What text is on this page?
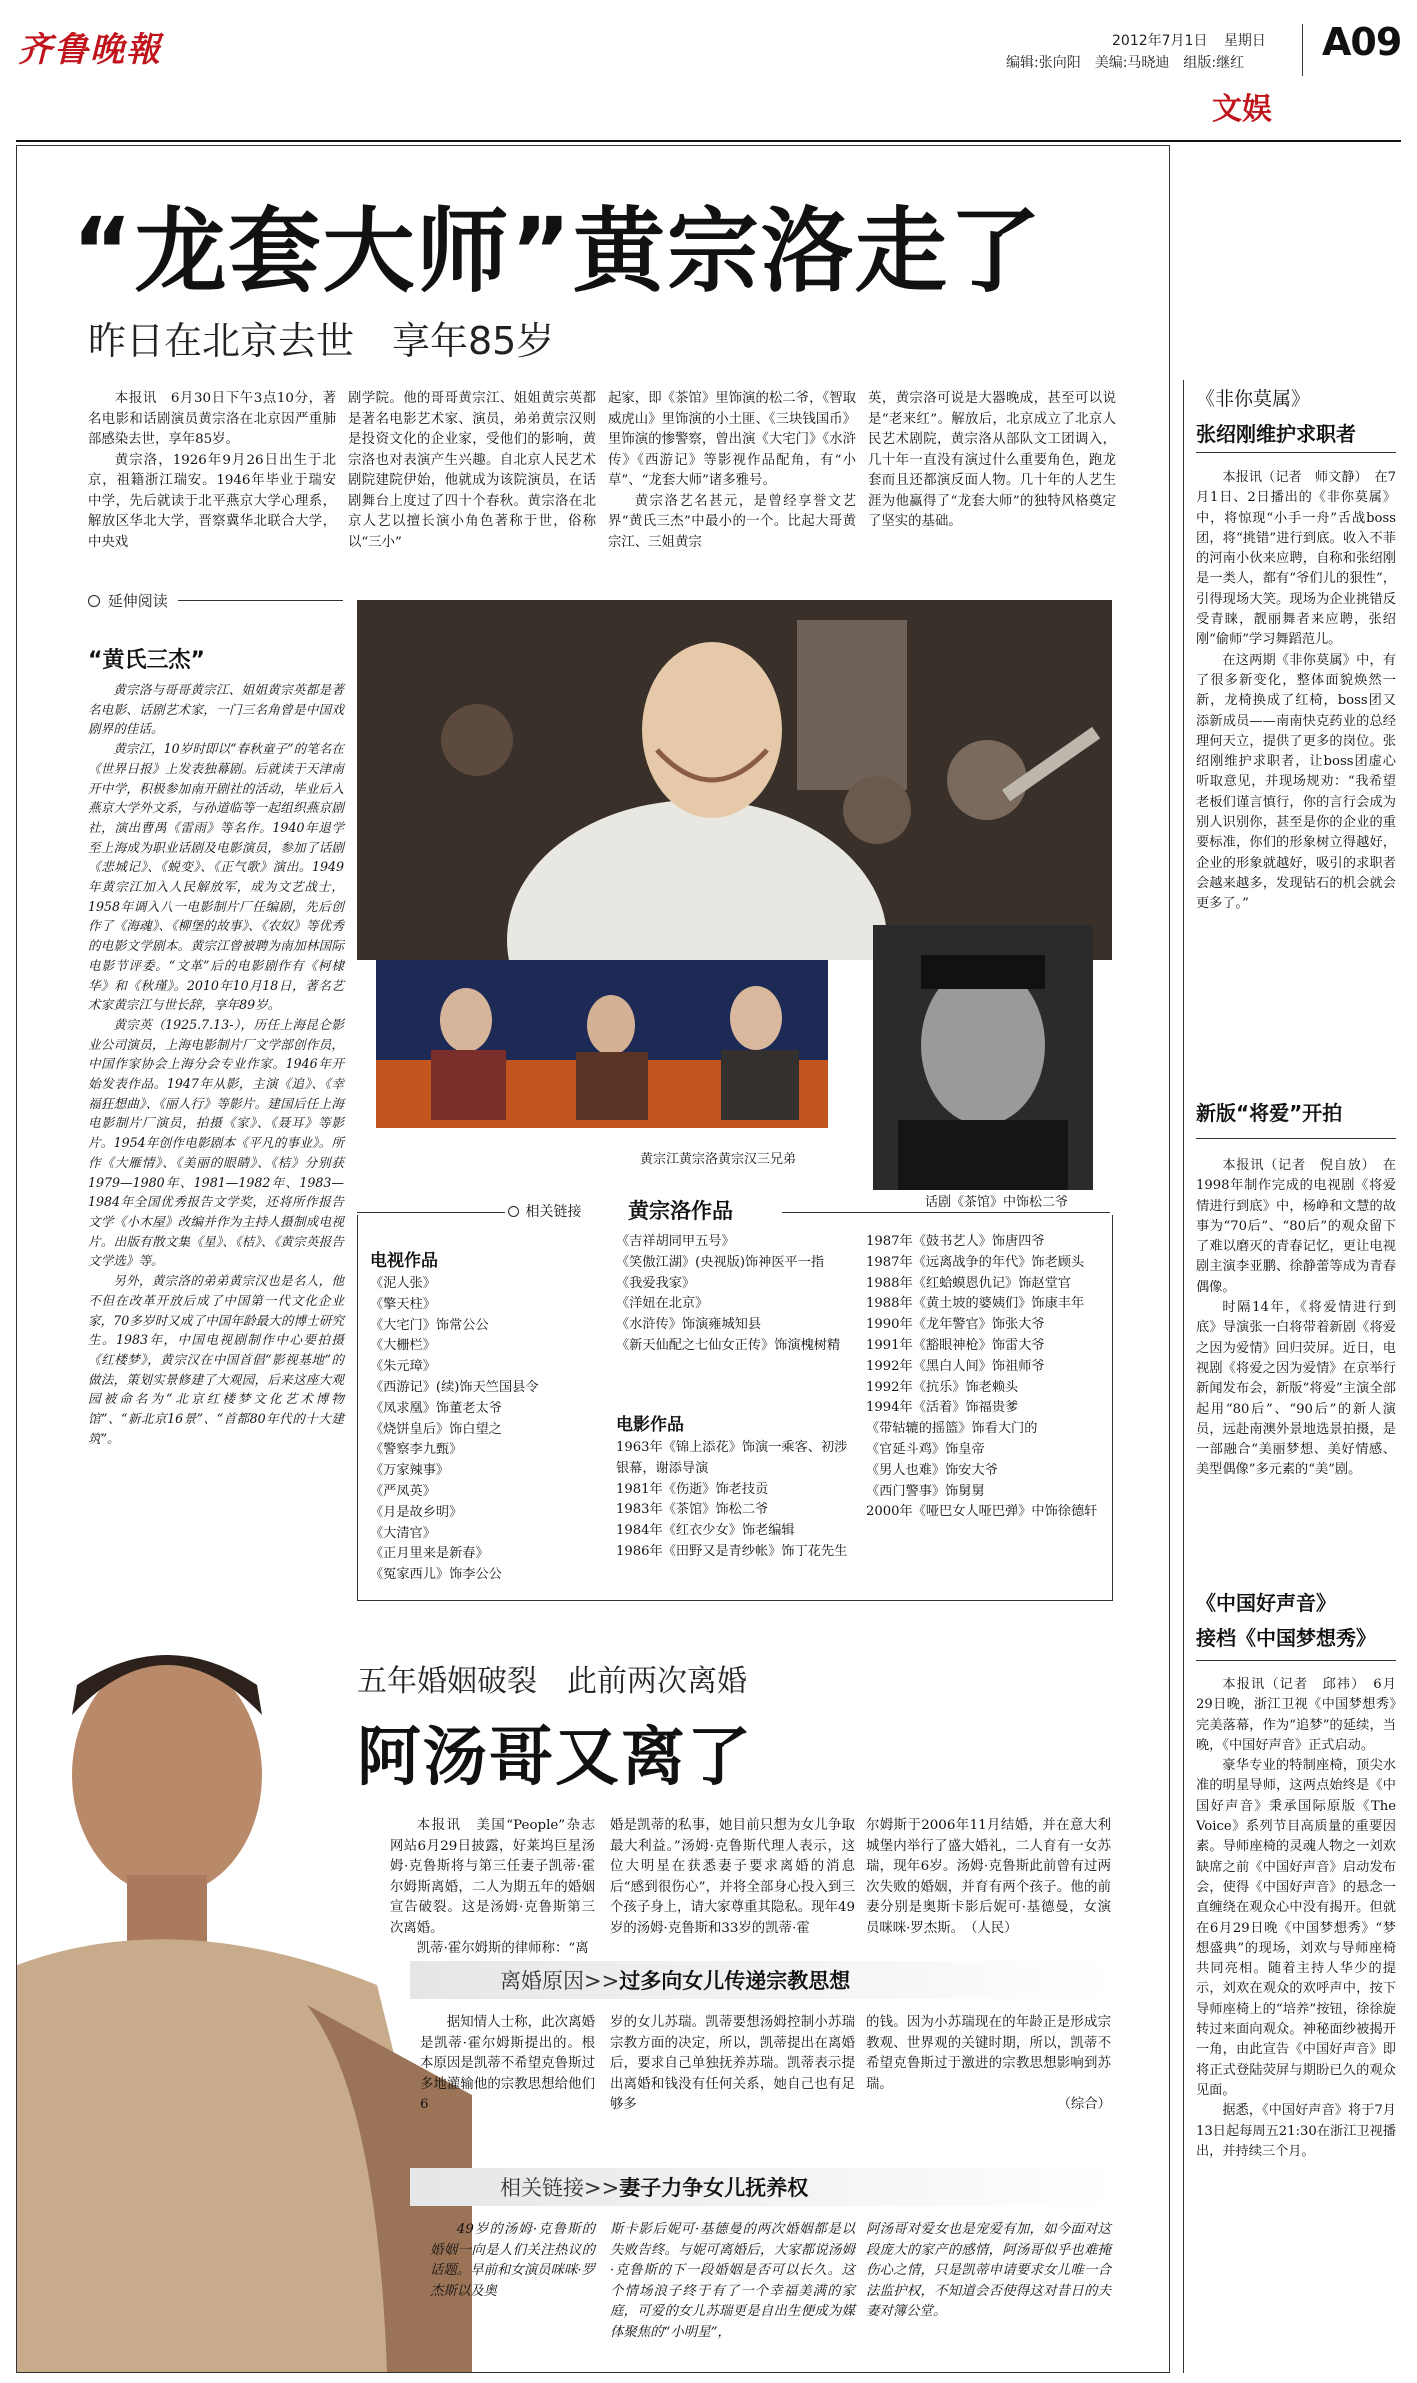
齐鲁晚報	2012年7月1日 星期日
编辑:张向阳　美编:马晓迪　组版:继红 A09
文娱
“龙套大师”黄宗洛走了
昨日在北京去世　享年85岁

本报讯　6月30日下午3点10分，著名电影和话剧演员黄宗洛在北京因严重肺部感染去世，享年85岁。

黄宗洛，1926年9月26日出生于北京，祖籍浙江瑞安。1946年毕业于瑞安中学，先后就读于北平燕京大学心理系，解放区华北大学，晋察冀华北联合大学，中央戏

剧学院。他的哥哥黄宗江、姐姐黄宗英都是著名电影艺术家、演员，弟弟黄宗汉则是投资文化的企业家，受他们的影响，黄宗洛也对表演产生兴趣。自北京人民艺术剧院建院伊始，他就成为该院演员，在话剧舞台上度过了四十个春秋。黄宗洛在北京人艺以擅长演小角色著称于世，俗称以“三小”

起家，即《茶馆》里饰演的松二爷，《智取威虎山》里饰演的小土匪、《三块钱国币》里饰演的惨警察，曾出演《大宅门》《水浒传》《西游记》等影视作品配角，有“小草”、“龙套大师”诸多雅号。

黄宗洛艺名甚元，是曾经享誉文艺界“黄氏三杰”中最小的一个。比起大哥黄宗江、三姐黄宗

英，黄宗洛可说是大器晚成，甚至可以说是“老来红”。解放后，北京成立了北京人民艺术剧院，黄宗洛从部队文工团调入，几十年一直没有演过什么重要角色，跑龙套而且还都演反面人物。几十年的人艺生涯为他赢得了“龙套大师”的独特风格奠定了坚实的基础。

延伸阅读
“黄氏三杰”

黄宗洛与哥哥黄宗江、姐姐黄宗英都是著名电影、话剧艺术家，一门三名角曾是中国戏剧界的佳话。

黄宗江，10岁时即以“春秋童子”的笔名在《世界日报》上发表独幕剧。后就读于天津南开中学，积极参加南开剧社的活动，毕业后入燕京大学外文系，与孙道临等一起组织燕京剧社，演出曹禺《雷雨》等名作。1940年退学至上海成为职业话剧及电影演员，参加了话剧《悲城记》、《蜕变》、《正气歌》演出。1949年黄宗江加入人民解放军，成为文艺战士，1958年调入八一电影制片厂任编剧，先后创作了《海魂》、《柳堡的故事》、《农奴》等优秀的电影文学剧本。黄宗江曾被聘为南加林国际电影节评委。“文革”后的电影剧作有《柯棣华》和《秋瑾》。2010年10月18日，著名艺术家黄宗江与世长辞，享年89岁。

黄宗英（1925.7.13-），历任上海昆仑影业公司演员，上海电影制片厂文学部创作员，中国作家协会上海分会专业作家。1946年开始发表作品。1947年从影，主演《追》、《幸福狂想曲》、《丽人行》等影片。建国后任上海电影制片厂演员，拍摄《家》、《聂耳》等影片。1954年创作电影剧本《平凡的事业》。所作《大雁情》、《美丽的眼睛》、《桔》分别获1979—1980年、1981—1982年、1983—1984年全国优秀报告文学奖，还将所作报告文学《小木屋》改编并作为主持人摄制成电视片。出版有散文集《星》、《桔》、《黄宗英报告文学选》等。

另外，黄宗洛的弟弟黄宗汉也是名人，他不但在改革开放后成了中国第一代文化企业家，70多岁时又成了中国年龄最大的博士研究生。1983年，中国电视剧制作中心要拍摄《红楼梦》，黄宗汉在中国首倡“影视基地”的做法，策划实景修建了大观园，后来这座大观园被命名为“北京红楼梦文化艺术博物馆”、“新北京16景”、“首都80年代的十大建筑”。

黄宗江黄宗洛黄宗汉三兄弟
话剧《茶馆》中饰松二爷
相关链接 黄宗洛作品
电视作品
《泥人张》
《擎天柱》
《大宅门》饰常公公
《大栅栏》
《朱元璋》
《西游记》(续)饰天竺国县令
《凤求凰》饰董老太爷
《烧饼皇后》饰白望之
《警察李九甄》
《万家辣事》
《严凤英》
《月是故乡明》
《大清官》
《正月里来是新春》
《冤家西儿》饰李公公
《吉祥胡同甲五号》
《笑傲江湖》(央视版)饰神医平一指
《我爱我家》
《洋妞在北京》
《水浒传》饰演雍城知县
《新天仙配之七仙女正传》饰演槐树精
电影作品
1963年《锦上添花》饰演一乘客、初涉银幕，谢添导演
1981年《伤逝》饰老技贡
1983年《茶馆》饰松二爷
1984年《红衣少女》饰老编辑
1986年《田野又是青纱帐》饰丁花先生
1987年《鼓书艺人》饰唐四爷
1987年《远离战争的年代》饰老顾头
1988年《红蛤蟆恩仇记》饰赵堂官
1988年《黄土坡的婆姨们》饰康丰年
1990年《龙年警官》饰张大爷
1991年《豁眼神枪》饰雷大爷
1992年《黑白人间》饰祖师爷
1992年《抗乐》饰老赖头
1994年《活着》饰福贵爹
《带轱辘的摇篮》饰看大门的
《官延斗鸡》饰皇帝
《男人也难》饰安大爷
《西门警事》饰舅舅
2000年《哑巴女人哑巴弹》中饰徐德轩
五年婚姻破裂　此前两次离婚
阿汤哥又离了

本报讯　美国“People”杂志网站6月29日披露，好莱坞巨星汤姆·克鲁斯将与第三任妻子凯蒂·霍尔姆斯离婚，二人为期五年的婚姻宣告破裂。这是汤姆·克鲁斯第三次离婚。

凯蒂·霍尔姆斯的律师称：“离

婚是凯蒂的私事，她目前只想为女儿争取最大利益。”汤姆·克鲁斯代理人表示，这位大明星在获悉妻子要求离婚的消息后“感到很伤心”，并将全部身心投入到三个孩子身上，请大家尊重其隐私。现年49岁的汤姆·克鲁斯和33岁的凯蒂·霍

尔姆斯于2006年11月结婚，并在意大利城堡内举行了盛大婚礼，二人育有一女苏瑞，现年6岁。汤姆·克鲁斯此前曾有过两次失败的婚姻，并育有两个孩子。他的前妻分别是奥斯卡影后妮可·基德曼，女演员咪咪·罗杰斯。　（人民）

离婚原因>>过多向女儿传递宗教思想

据知情人士称，此次离婚是凯蒂·霍尔姆斯提出的。根本原因是凯蒂不希望克鲁斯过多地灌输他的宗教思想给他们6

岁的女儿苏瑞。凯蒂要想汤姆控制小苏瑞宗教方面的决定，所以，凯蒂提出在离婚后，要求自己单独抚养苏瑞。凯蒂表示提出离婚和钱没有任何关系，她自己也有足够多

的钱。因为小苏瑞现在的年龄正是形成宗教观、世界观的关键时期，所以，凯蒂不希望克鲁斯过于激进的宗教思想影响到苏瑞。

（综合）

相关链接>>妻子力争女儿抚养权

49岁的汤姆·克鲁斯的婚姻一向是人们关注热议的话题。早前和女演员咪咪·罗杰斯以及奥

斯卡影后妮可·基德曼的两次婚姻都是以失败告终。与妮可离婚后，大家都说汤姆·克鲁斯的下一段婚姻是否可以长久。这个情场浪子终于有了一个幸福美满的家庭，可爱的女儿苏瑞更是自出生便成为媒体聚焦的“小明星”，

阿汤哥对爱女也是宠爱有加，如今面对这段庞大的家产的感情，阿汤哥似乎也难掩伤心之情，只是凯蒂申请要求女儿唯一合法监护权，不知道会否使得这对昔日的夫妻对簿公堂。

《非你莫属》
张绍刚维护求职者

本报讯（记者　师文静）　在7月1日、2日播出的《非你莫属》中，将惊现“小手一舟”舌战boss团，将“挑错”进行到底。收入不菲的河南小伙来应聘，自称和张绍刚是一类人，都有“爷们儿的狠性”，引得现场大笑。现场为企业挑错反受青睐，靓丽舞者来应聘，张绍刚“偷师”学习舞蹈范儿。

在这两期《非你莫属》中，有了很多新变化，整体面貌焕然一新，龙椅换成了红椅，boss团又添新成员——南南快克药业的总经理何天立，提供了更多的岗位。张绍刚维护求职者，让boss团虚心听取意见，并现场规劝：“我希望老板们谨言慎行，你的言行会成为别人识别你，甚至是你的企业的重要标准，你们的形象树立得越好，企业的形象就越好，吸引的求职者会越来越多，发现钻石的机会就会更多了。”

新版“将爱”开拍

本报讯（记者　倪自放）　在1998年制作完成的电视剧《将爱情进行到底》中，杨峥和文慧的故事为“70后”、“80后”的观众留下了难以磨灭的青春记忆，更让电视剧主演李亚鹏、徐静蕾等成为青春偶像。

时隔14年，《将爱情进行到底》导演张一白将带着新剧《将爱之因为爱情》回归荧屏。近日，电视剧《将爱之因为爱情》在京举行新闻发布会，新版“将爱”主演全部起用“80后”、“90后”的新人演员，远赴南澳外景地选景拍摄，是一部融合“美丽梦想、美好情感、美型偶像”多元素的“美”剧。

《中国好声音》
接档《中国梦想秀》

本报讯（记者　邱祎）　6月29日晚，浙江卫视《中国梦想秀》完美落幕，作为“追梦”的延续，当晚，《中国好声音》正式启动。

豪华专业的特制座椅，顶尖水准的明星导师，这两点始终是《中国好声音》秉承国际原版《The Voice》系列节目高质量的重要因素。导师座椅的灵魂人物之一刘欢缺席之前《中国好声音》启动发布会，使得《中国好声音》的悬念一直缠绕在观众心中没有揭开。但就在6月29日晚《中国梦想秀》“梦想盛典”的现场，刘欢与导师座椅共同亮相。随着主持人华少的提示，刘欢在观众的欢呼声中，按下导师座椅上的“培养”按钮，徐徐旋转过来面向观众。神秘面纱被揭开一角，由此宣告《中国好声音》即将正式登陆荧屏与期盼已久的观众见面。

据悉，《中国好声音》将于7月13日起每周五21:30在浙江卫视播出，并持续三个月。
